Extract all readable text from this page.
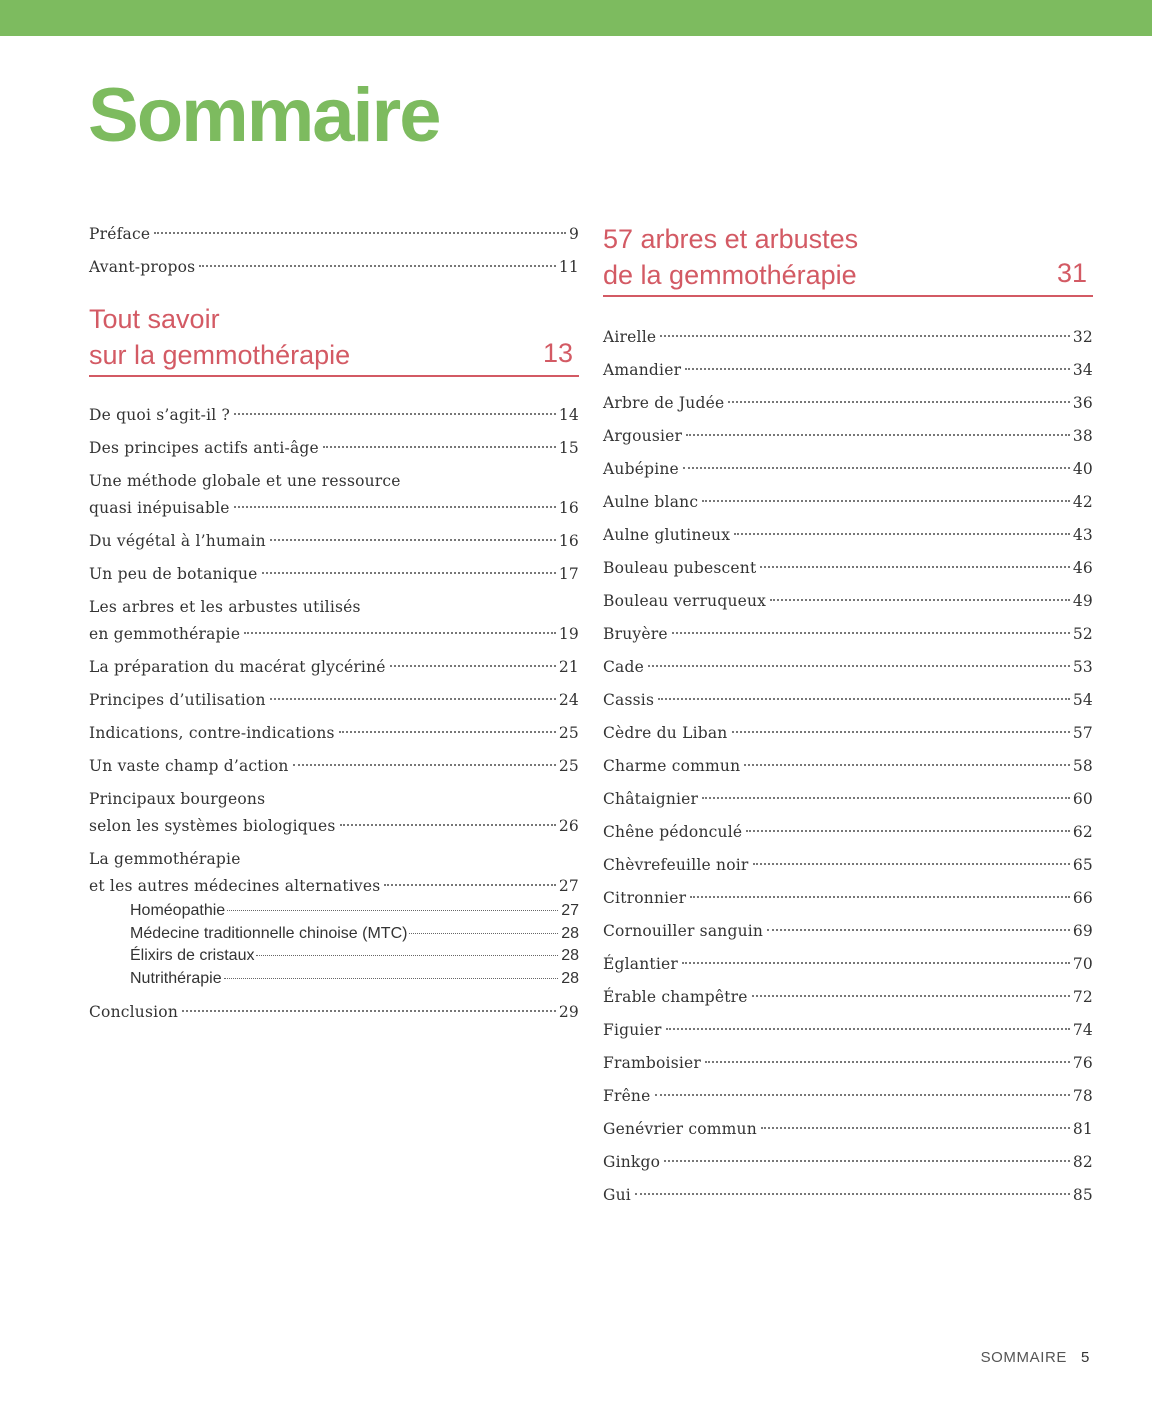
Sommaire
Préface	9
Avant-propos	11
Tout savoir
sur la gemmothérapie	13
De quoi s’agit-il ?	14
Des principes actifs anti-âge	15
Une méthode globale et une ressource
quasi inépuisable	16
Du végétal à l’humain	16
Un peu de botanique	17
Les arbres et les arbustes utilisés
en gemmothérapie	19
La préparation du macérat glycériné	21
Principes d’utilisation	24
Indications, contre-indications	25
Un vaste champ d’action	25
Principaux bourgeons
selon les systèmes biologiques	26
La gemmothérapie
et les autres médecines alternatives	27
Homéopathie	27
Médecine traditionnelle chinoise (MTC)	28
Élixirs de cristaux	28
Nutrithérapie	28
Conclusion	29
57 arbres et arbustes
de la gemmothérapie	31
Airelle	32
Amandier	34
Arbre de Judée	36
Argousier	38
Aubépine	40
Aulne blanc	42
Aulne glutineux	43
Bouleau pubescent	46
Bouleau verruqueux	49
Bruyère	52
Cade	53
Cassis	54
Cèdre du Liban	57
Charme commun	58
Châtaignier	60
Chêne pédonculé	62
Chèvrefeuille noir	65
Citronnier	66
Cornouiller sanguin	69
Églantier	70
Érable champêtre	72
Figuier	74
Framboisier	76
Frêne	78
Genévrier commun	81
Ginkgo	82
Gui	85
SOMMAIRE 5
